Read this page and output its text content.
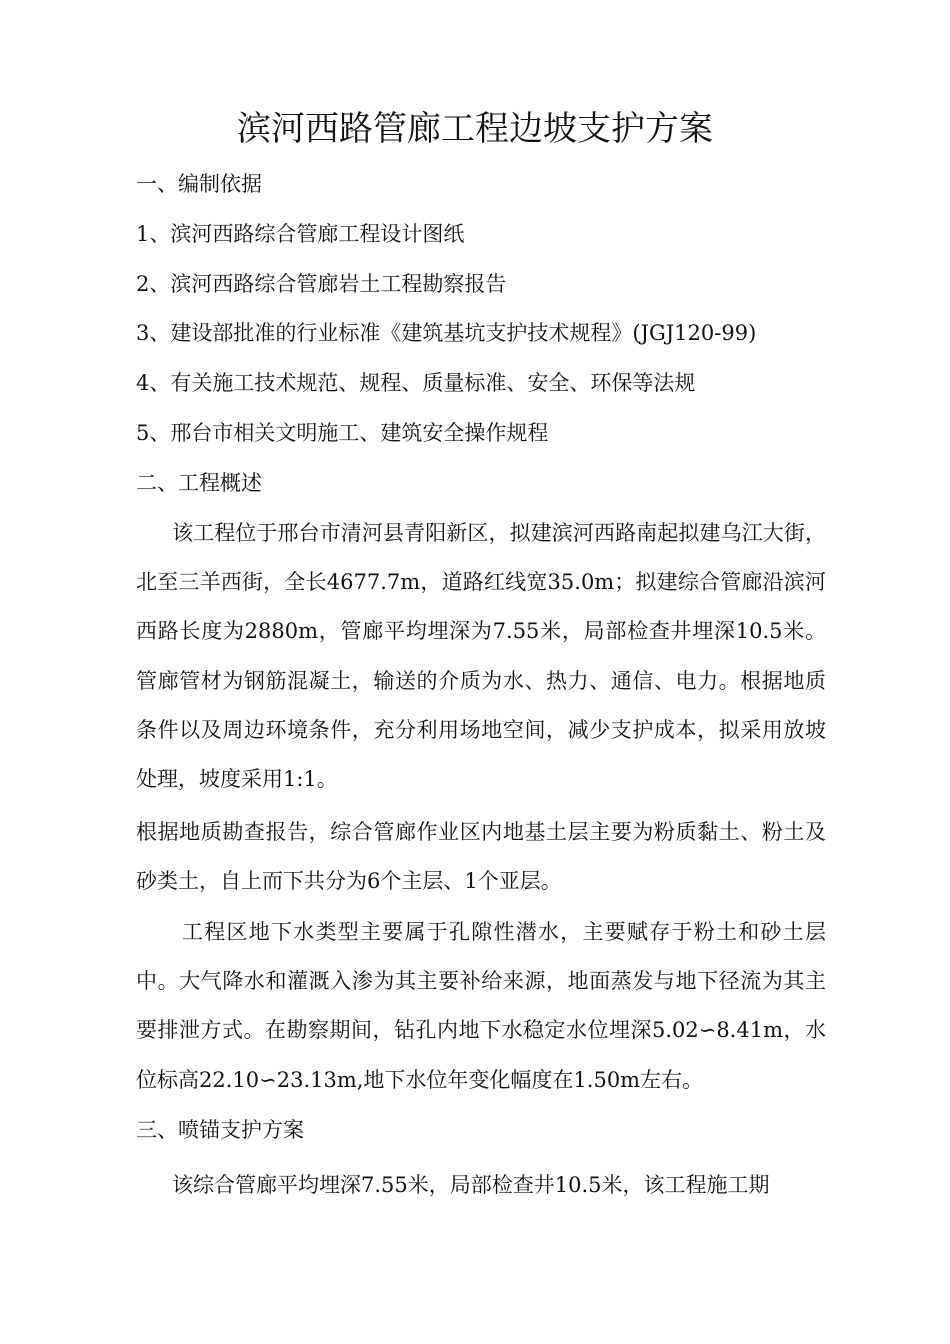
滨河西路管廊工程边坡支护方案

一、编制依据

1、滨河西路综合管廊工程设计图纸

2、滨河西路综合管廊岩土工程勘察报告

3、建设部批准的行业标准《建筑基坑支护技术规程》(JGJ120-99)

4、有关施工技术规范、规程、质量标准、安全、环保等法规

5、邢台市相关文明施工、建筑安全操作规程

二、工程概述

该工程位于邢台市清河县青阳新区，拟建滨河西路南起拟建乌江大街，北至三羊西街，全长4677.7m，道路红线宽35.0m；拟建综合管廊沿滨河西路长度为2880m，管廊平均埋深为7.55米，局部检查井埋深10.5米。管廊管材为钢筋混凝土，输送的介质为水、热力、通信、电力。根据地质条件以及周边环境条件，充分利用场地空间，减少支护成本，拟采用放坡处理，坡度采用1:1。

根据地质勘查报告，综合管廊作业区内地基土层主要为粉质黏土、粉土及砂类土，自上而下共分为6个主层、1个亚层。

工程区地下水类型主要属于孔隙性潜水，主要赋存于粉土和砂土层中。大气降水和灌溉入渗为其主要补给来源，地面蒸发与地下径流为其主要排泄方式。在勘察期间，钻孔内地下水稳定水位埋深5.02∽8.41m，水位标高22.10∽23.13m,地下水位年变化幅度在1.50m左右。

三、喷锚支护方案

该综合管廊平均埋深7.55米，局部检查井10.5米，该工程施工期
